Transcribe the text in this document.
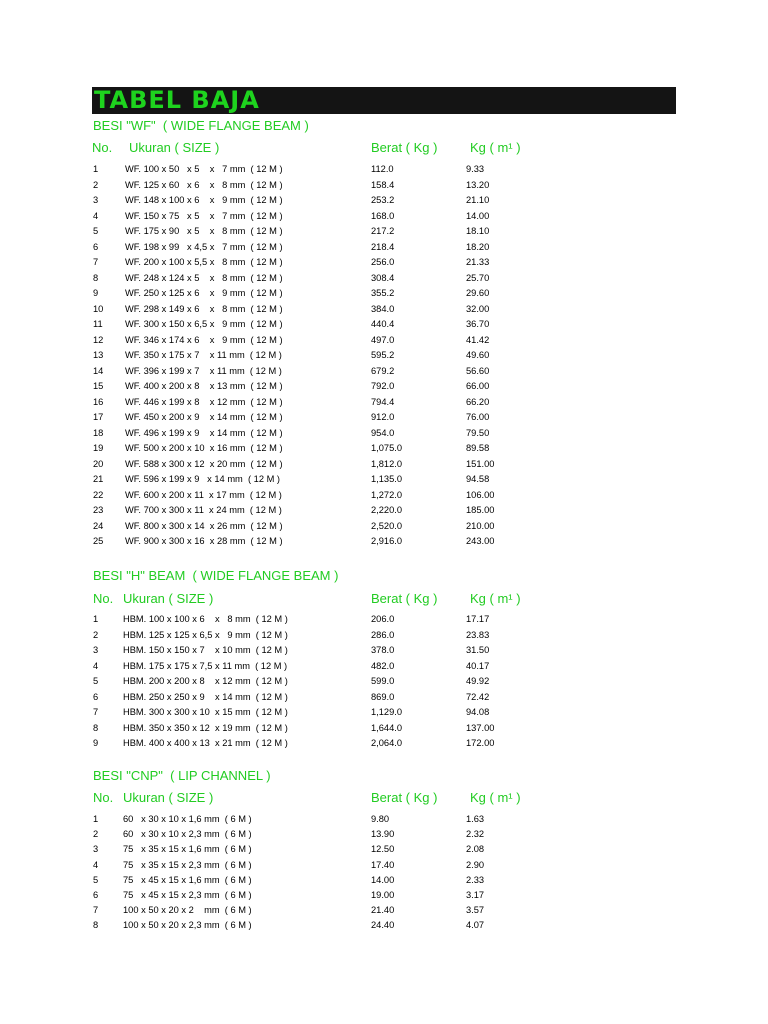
TABEL BAJA
BESI "WF"  ( WIDE FLANGE BEAM )
No. Ukuran ( SIZE )	Berat ( Kg )	Kg ( m¹ )
1	WF. 100 x 50   x 5    x   7 mm  ( 12 M )	112.0	9.33
2	WF. 125 x 60   x 6    x   8 mm  ( 12 M )	158.4	13.20
3	WF. 148 x 100 x 6    x   9 mm  ( 12 M )	253.2	21.10
4	WF. 150 x 75   x 5    x   7 mm  ( 12 M )	168.0	14.00
5	WF. 175 x 90   x 5    x   8 mm  ( 12 M )	217.2	18.10
6	WF. 198 x 99   x 4,5 x   7 mm  ( 12 M )	218.4	18.20
7	WF. 200 x 100 x 5,5 x   8 mm  ( 12 M )	256.0	21.33
8	WF. 248 x 124 x 5    x   8 mm  ( 12 M )	308.4	25.70
9	WF. 250 x 125 x 6    x   9 mm  ( 12 M )	355.2	29.60
10 WF. 298 x 149 x 6    x   8 mm  ( 12 M )	384.0	32.00
11 WF. 300 x 150 x 6,5 x   9 mm  ( 12 M )	440.4	36.70
12 WF. 346 x 174 x 6    x   9 mm  ( 12 M )	497.0	41.42
13 WF. 350 x 175 x 7    x 11 mm  ( 12 M )	595.2	49.60
14 WF. 396 x 199 x 7    x 11 mm  ( 12 M )	679.2	56.60
15 WF. 400 x 200 x 8    x 13 mm  ( 12 M )	792.0	66.00
16 WF. 446 x 199 x 8    x 12 mm  ( 12 M )	794.4	66.20
17 WF. 450 x 200 x 9    x 14 mm  ( 12 M )	912.0	76.00
18 WF. 496 x 199 x 9    x 14 mm  ( 12 M )	954.0	79.50
19 WF. 500 x 200 x 10  x 16 mm  ( 12 M )	1,075.0	89.58
20 WF. 588 x 300 x 12  x 20 mm  ( 12 M )	1,812.0	151.00
21 WF. 596 x 199 x 9   x 14 mm  ( 12 M )	1,135.0	94.58
22 WF. 600 x 200 x 11  x 17 mm  ( 12 M )	1,272.0	106.00
23 WF. 700 x 300 x 11  x 24 mm  ( 12 M )	2,220.0	185.00
24 WF. 800 x 300 x 14  x 26 mm  ( 12 M )	2,520.0	210.00
25 WF. 900 x 300 x 16  x 28 mm  ( 12 M )	2,916.0	243.00
BESI "H" BEAM  ( WIDE FLANGE BEAM )
No. Ukuran ( SIZE )	Berat ( Kg )	Kg ( m¹ )
1	HBM. 100 x 100 x 6    x   8 mm  ( 12 M )	206.0	17.17
2	HBM. 125 x 125 x 6,5 x   9 mm  ( 12 M )	286.0	23.83
3	HBM. 150 x 150 x 7    x 10 mm  ( 12 M )	378.0	31.50
4	HBM. 175 x 175 x 7,5 x 11 mm  ( 12 M )	482.0	40.17
5	HBM. 200 x 200 x 8    x 12 mm  ( 12 M )	599.0	49.92
6	HBM. 250 x 250 x 9    x 14 mm  ( 12 M )	869.0	72.42
7	HBM. 300 x 300 x 10  x 15 mm  ( 12 M )	1,129.0	94.08
8	HBM. 350 x 350 x 12  x 19 mm  ( 12 M )	1,644.0	137.00
9	HBM. 400 x 400 x 13  x 21 mm  ( 12 M )	2,064.0	172.00
BESI "CNP"  ( LIP CHANNEL )
No. Ukuran ( SIZE )	Berat ( Kg )	Kg ( m¹ )
1	60   x 30 x 10 x 1,6 mm  ( 6 M )	9.80	1.63
2	60   x 30 x 10 x 2,3 mm  ( 6 M )	13.90	2.32
3	75   x 35 x 15 x 1,6 mm  ( 6 M )	12.50	2.08
4	75   x 35 x 15 x 2,3 mm  ( 6 M )	17.40	2.90
5	75   x 45 x 15 x 1,6 mm  ( 6 M )	14.00	2.33
6	75   x 45 x 15 x 2,3 mm  ( 6 M )	19.00	3.17
7	100 x 50 x 20 x 2    mm  ( 6 M )	21.40	3.57
8	100 x 50 x 20 x 2,3 mm  ( 6 M )	24.40	4.07
